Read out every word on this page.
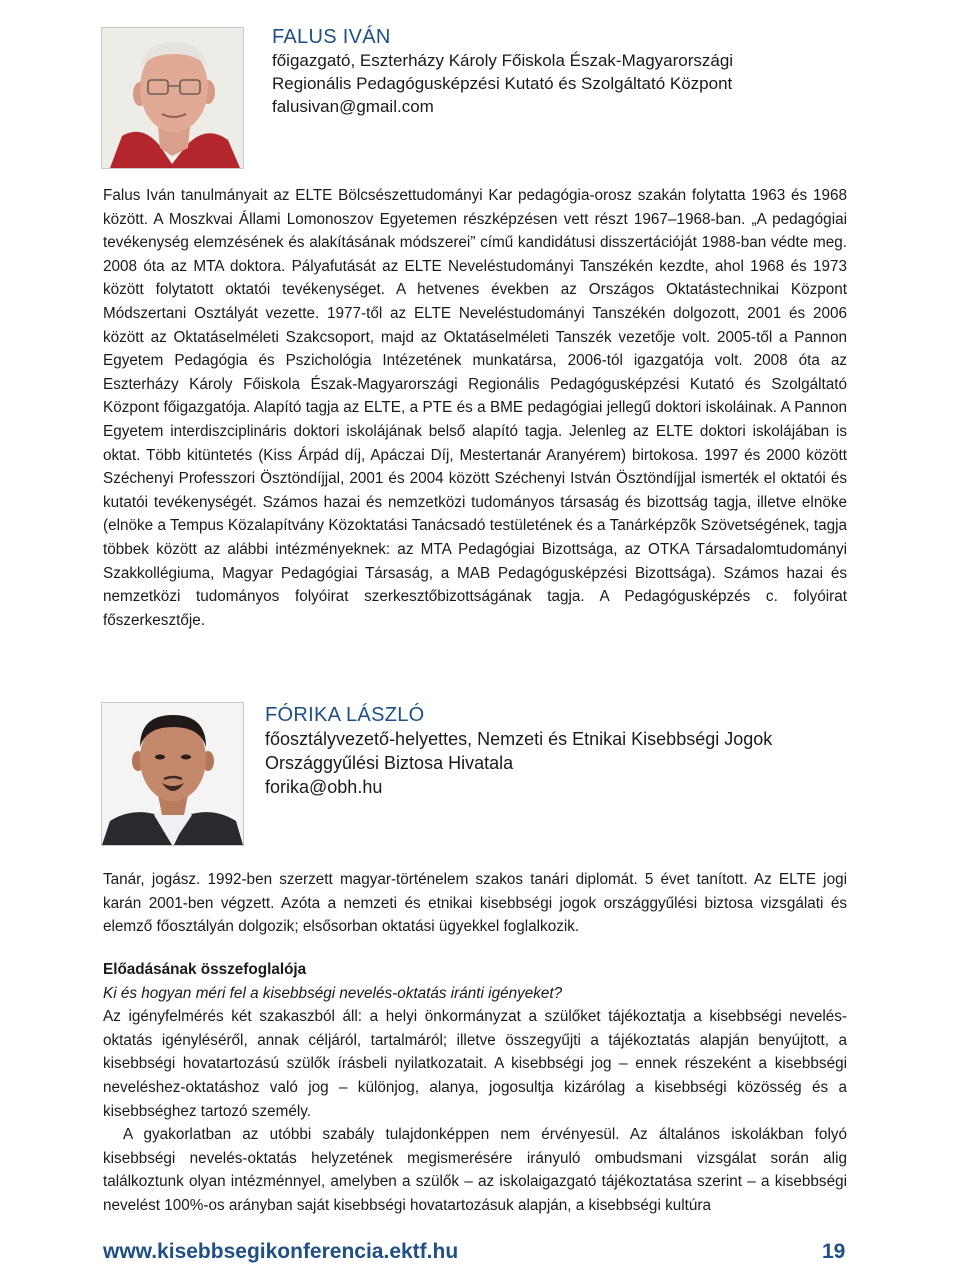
FALUS IVÁN
főigazgató, Eszterházy Károly Főiskola Észak-Magyarországi
Regionális Pedagógusképzési Kutató és Szolgáltató Központ
falusivan@gmail.com

Falus Iván tanulmányait az ELTE Bölcsészettudományi Kar pedagógia-orosz szakán folytatta 1963 és 1968 között. A Moszkvai Állami Lomonoszov Egyetemen részképzésen vett részt 1967–1968-ban. „A pedagógiai tevékenység elemzésének és alakításának módszerei” című kandidátusi disszertációját 1988-ban védte meg. 2008 óta az MTA doktora. Pályafutását az ELTE Neveléstudományi Tanszékén kezdte, ahol 1968 és 1973 között folytatott oktatói tevékenységet. A hetvenes években az Országos Oktatástechnikai Központ Módszertani Osztályát vezette. 1977-től az ELTE Neveléstudományi Tanszékén dolgozott, 2001 és 2006 között az Oktatáselméleti Szakcsoport, majd az Oktatáselméleti Tanszék vezetője volt. 2005-től a Pannon Egyetem Pedagógia és Pszichológia Intézetének munkatársa, 2006-tól igazgatója volt. 2008 óta az Eszterházy Károly Főiskola Észak-Magyarországi Regionális Pedagógusképzési Kutató és Szolgáltató Központ főigazgatója. Alapító tagja az ELTE, a PTE és a BME pedagógiai jellegű doktori iskoláinak. A Pannon Egyetem interdiszciplináris doktori iskolájának belső alapító tagja. Jelenleg az ELTE doktori iskolájában is oktat. Több kitüntetés (Kiss Árpád díj, Apáczai Díj, Mestertanár Aranyérem) birtokosa. 1997 és 2000 között Széchenyi Professzori Ösztöndíjjal, 2001 és 2004 között Széchenyi István Ösztöndíjjal ismerték el oktatói és kutatói tevékenységét. Számos hazai és nemzetközi tudományos társaság és bizottság tagja, illetve elnöke (elnöke a Tempus Közalapítvány Közoktatási Tanácsadó testületének és a Tanárképzõk Szövetségének, tagja többek között az alábbi intézményeknek: az MTA Pedagógiai Bizottsága, az OTKA Társadalomtudományi Szakkollégiuma, Magyar Pedagógiai Társaság, a MAB Pedagógusképzési Bizottsága). Számos hazai és nemzetközi tudományos folyóirat szerkesztőbizottságának tagja. A Pedagógusképzés c. folyóirat főszerkesztője.

FÓRIKA LÁSZLÓ
főosztályvezető-helyettes, Nemzeti és Etnikai Kisebbségi Jogok
Országgyűlési Biztosa Hivatala
forika@obh.hu

Tanár, jogász. 1992-ben szerzett magyar-történelem szakos tanári diplomát. 5 évet tanított. Az ELTE jogi karán 2001-ben végzett. Azóta a nemzeti és etnikai kisebbségi jogok országgyűlési biztosa vizsgálati és elemző főosztályán dolgozik; elsősorban oktatási ügyekkel foglalkozik.

Előadásának összefoglalója
Ki és hogyan méri fel a kisebbségi nevelés-oktatás iránti igényeket?
Az igényfelmérés két szakaszból áll: a helyi önkormányzat a szülőket tájékoztatja a kisebbségi nevelés-oktatás igényléséről, annak céljáról, tartalmáról; illetve összegyűjti a tájékoztatás alapján benyújtott, a kisebbségi hovatartozású szülők írásbeli nyilatkozatait. A kisebbségi jog – ennek részeként a kisebbségi neveléshez-oktatáshoz való jog – különjog, alanya, jogosultja kizárólag a kisebbségi közösség és a kisebbséghez tartozó személy.
A gyakorlatban az utóbbi szabály tulajdonképpen nem érvényesül. Az általános iskolákban folyó kisebbségi nevelés-oktatás helyzetének megismerésére irányuló ombudsmani vizsgálat során alig találkoztunk olyan intézménnyel, amelyben a szülők – az iskolaigazgató tájékoztatása szerint – a kisebbségi nevelést 100%-os arányban saját kisebbségi hovatartozásuk alapján, a kisebbségi kultúra
www.kisebbsegikonferencia.ektf.hu	19
